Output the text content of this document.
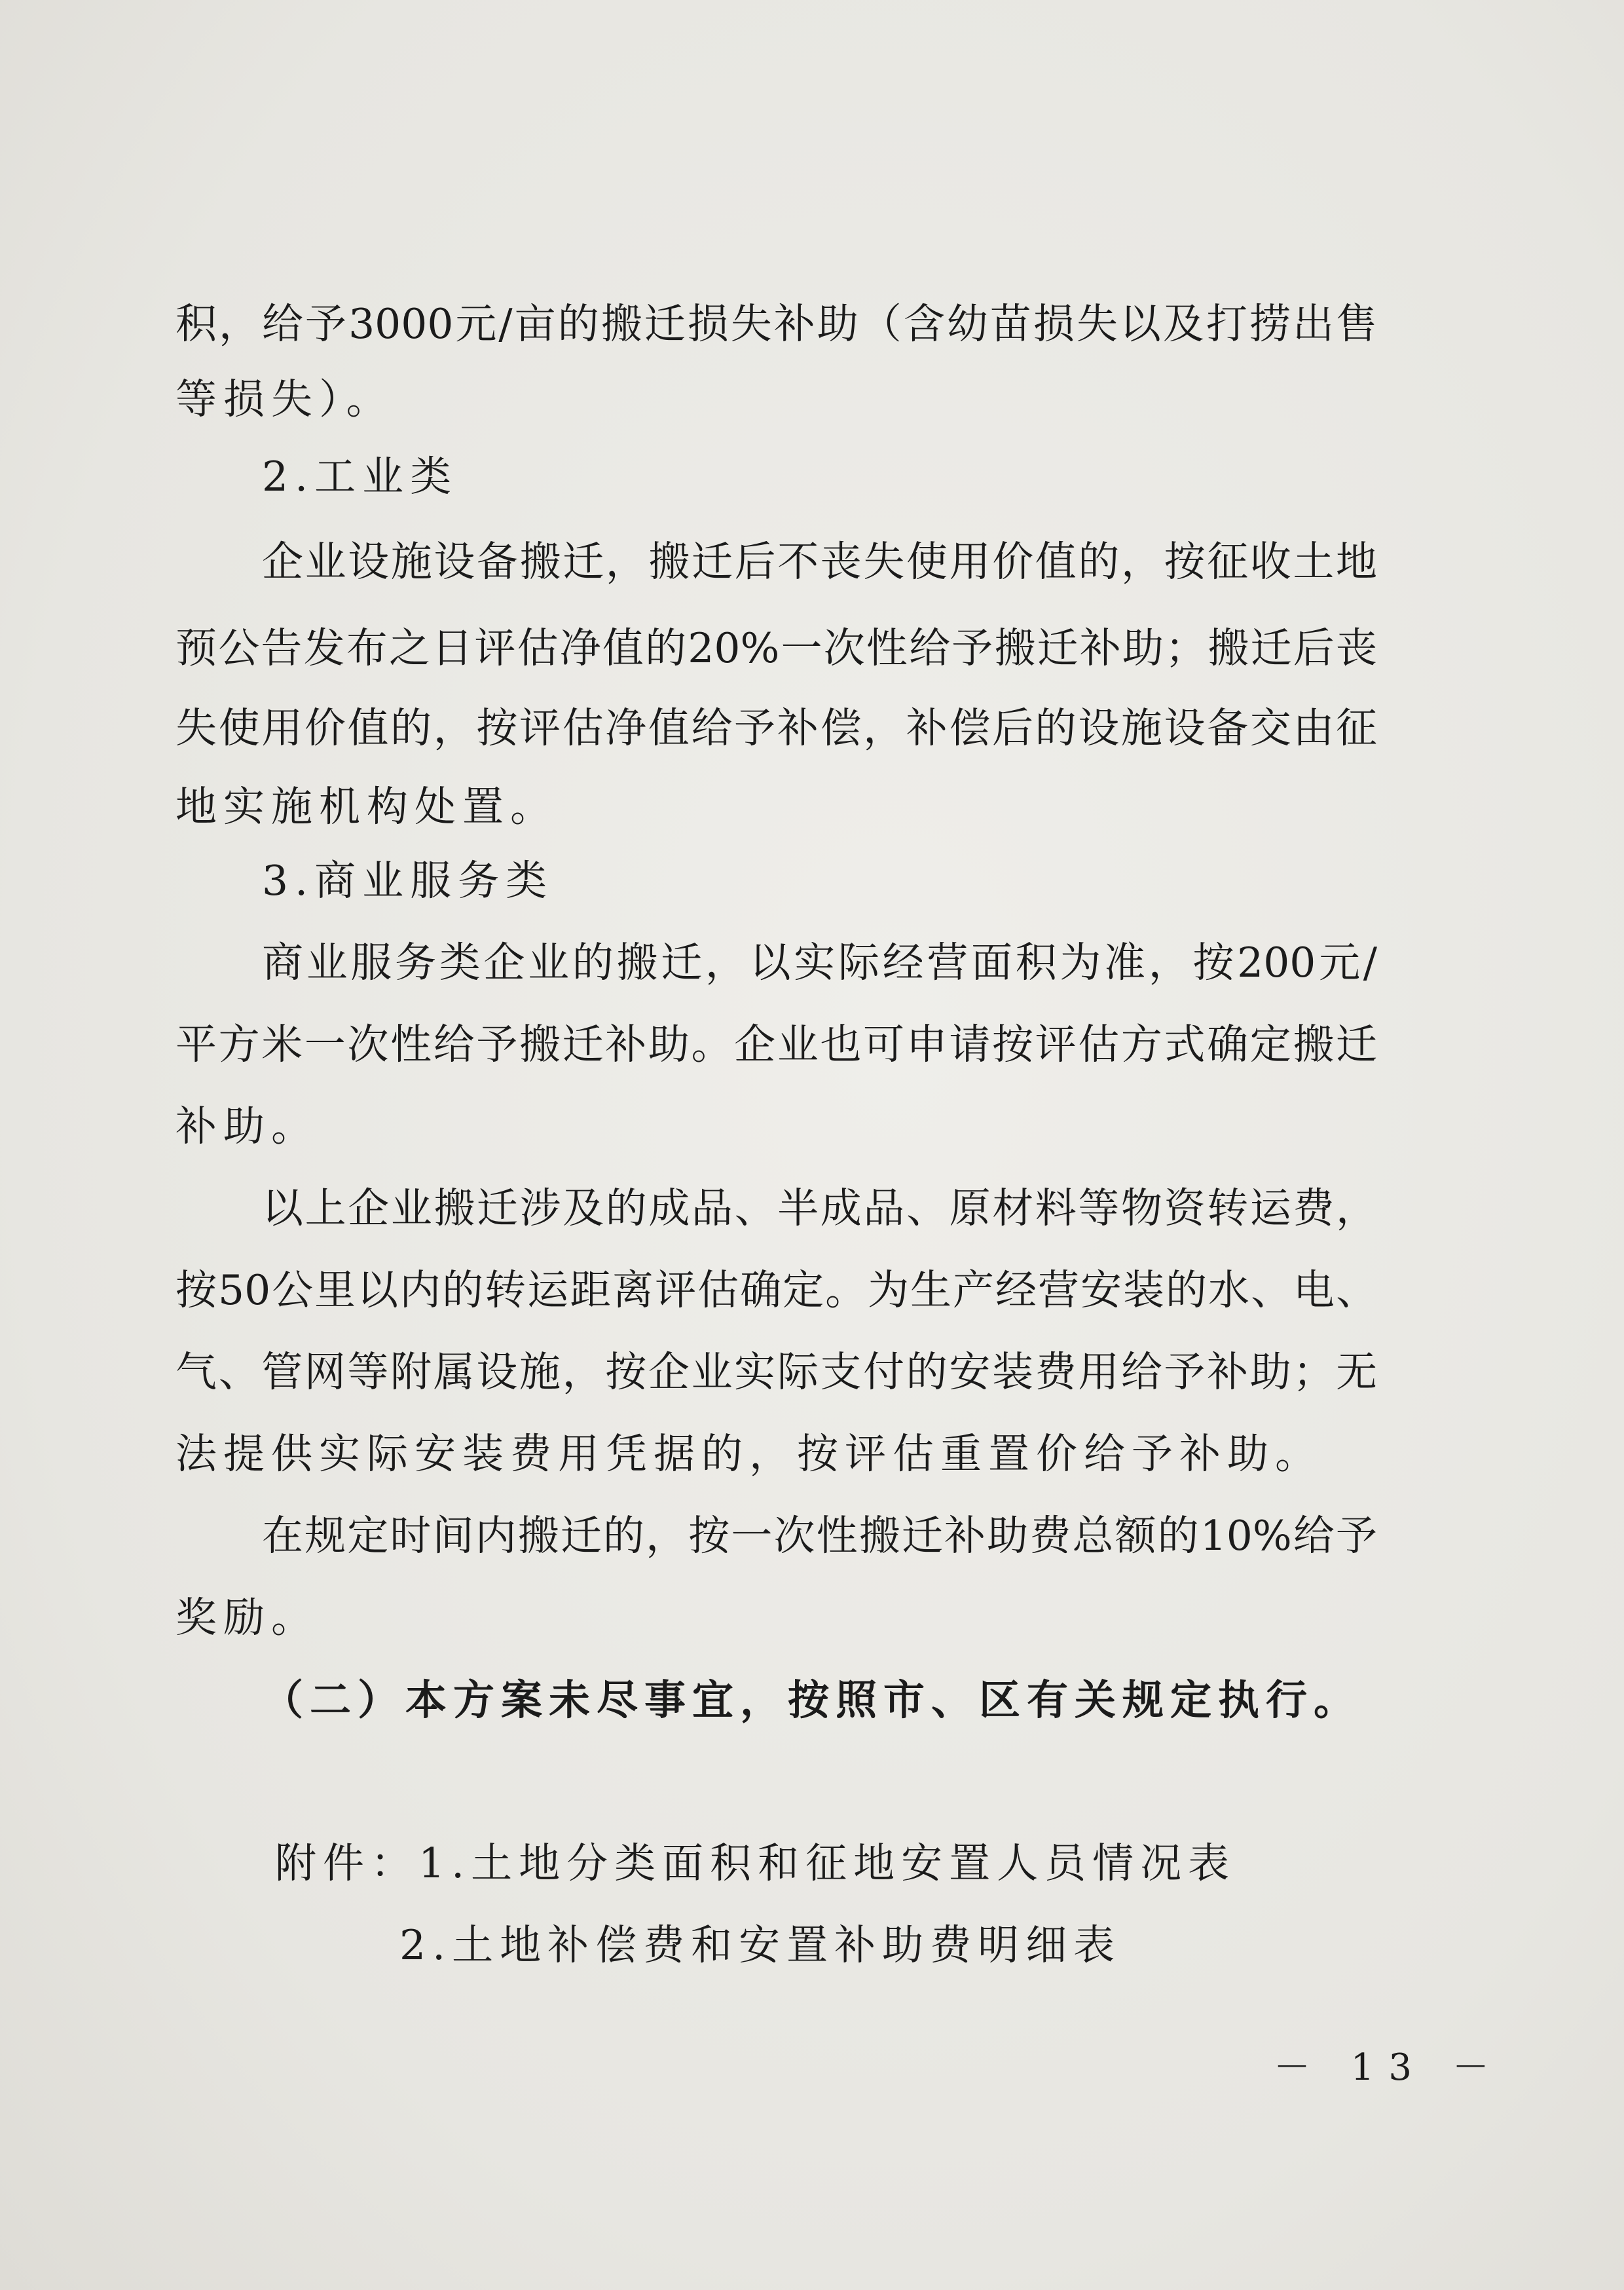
积，给予3000元/亩的搬迁损失补助（含幼苗损失以及打捞出售
等损失）。
2.工业类
企业设施设备搬迁，搬迁后不丧失使用价值的，按征收土地
预公告发布之日评估净值的20%一次性给予搬迁补助；搬迁后丧
失使用价值的，按评估净值给予补偿，补偿后的设施设备交由征
地实施机构处置。
3.商业服务类
商业服务类企业的搬迁，以实际经营面积为准，按200元/
平方米一次性给予搬迁补助。企业也可申请按评估方式确定搬迁
补助。
以上企业搬迁涉及的成品、半成品、原材料等物资转运费，
按50公里以内的转运距离评估确定。为生产经营安装的水、电、
气、管网等附属设施，按企业实际支付的安装费用给予补助；无
法提供实际安装费用凭据的，按评估重置价给予补助。
在规定时间内搬迁的，按一次性搬迁补助费总额的10%给予
奖励。
（二）本方案未尽事宜，按照市、区有关规定执行。
附件：1.土地分类面积和征地安置人员情况表
2.土地补偿费和安置补助费明细表
－ 13 －
